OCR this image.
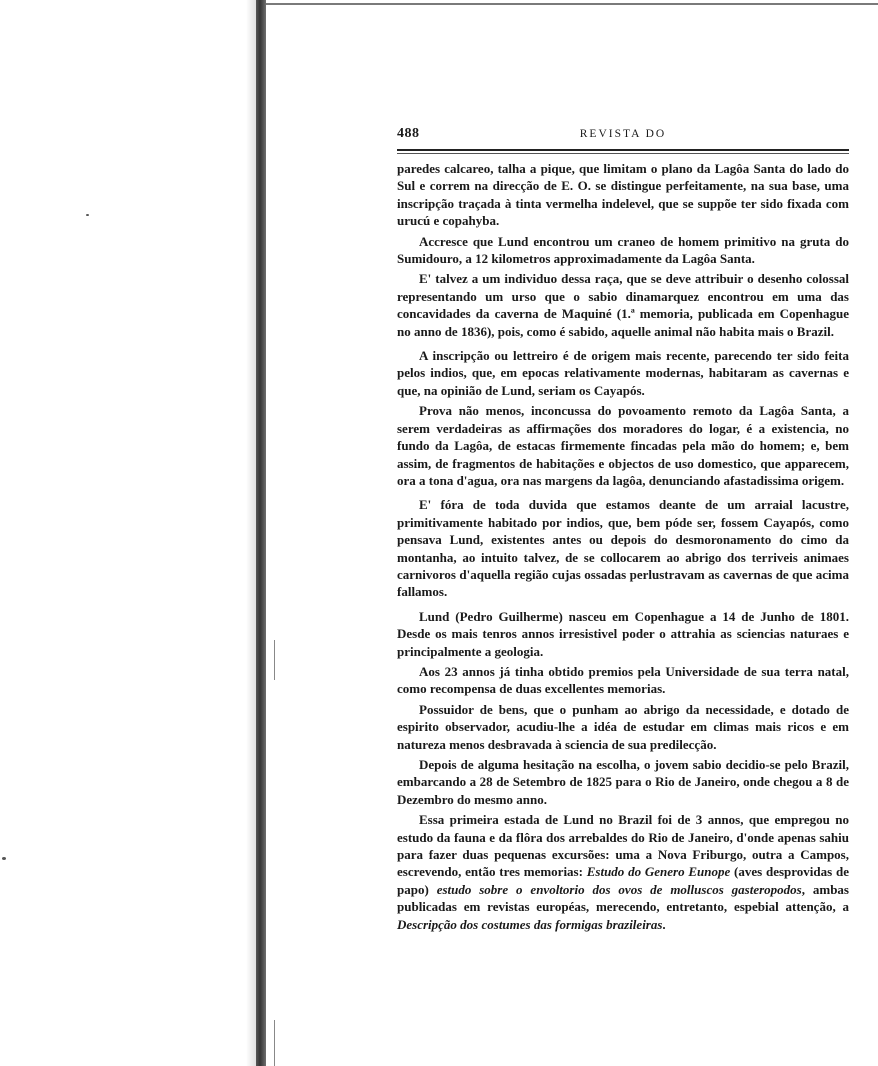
488	REVISTA DO

paredes calcareo, talha a pique, que limitam o plano da Lagôa Santa do lado do Sul e correm na direcção de E. O. se distingue perfeitamente, na sua base, uma inscripção traçada à tinta vermelha indelevel, que se suppõe ter sido fixada com urucú e copahyba.

Accresce que Lund encontrou um craneo de homem primitivo na gruta do Sumidouro, a 12 kilometros approximadamente da Lagôa Santa.

E' talvez a um individuo dessa raça, que se deve attribuir o desenho colossal representando um urso que o sabio dinamarquez encontrou em uma das concavidades da caverna de Maquiné (1.ª memoria, publicada em Copenhague no anno de 1836), pois, como é sabido, aquelle animal não habita mais o Brazil.

A inscripção ou lettreiro é de origem mais recente, parecendo ter sido feita pelos indios, que, em epocas relativamente modernas, habitaram as cavernas e que, na opinião de Lund, seriam os Cayapós.

Prova não menos, inconcussa do povoamento remoto da Lagôa Santa, a serem verdadeiras as affirmações dos moradores do logar, é a existencia, no fundo da Lagôa, de estacas firmemente fincadas pela mão do homem; e, bem assim, de fragmentos de habitações e objectos de uso domestico, que apparecem, ora a tona d'agua, ora nas margens da lagôa, denunciando afastadissima origem.

E' fóra de toda duvida que estamos deante de um arraial lacustre, primitivamente habitado por indios, que, bem póde ser, fossem Cayapós, como pensava Lund, existentes antes ou depois do desmoronamento do cimo da montanha, ao intuito talvez, de se collocarem ao abrigo dos terriveis animaes carnivoros d'aquella região cujas ossadas perlustravam as cavernas de que acima fallamos.

Lund (Pedro Guilherme) nasceu em Copenhague a 14 de Junho de 1801. Desde os mais tenros annos irresistivel poder o attrahia as sciencias naturaes e principalmente a geologia.

Aos 23 annos já tinha obtido premios pela Universidade de sua terra natal, como recompensa de duas excellentes memorias.

Possuidor de bens, que o punham ao abrigo da necessidade, e dotado de espirito observador, acudiu-lhe a idéa de estudar em climas mais ricos e em natureza menos desbravada à sciencia de sua predilecção.

Depois de alguma hesitação na escolha, o jovem sabio decidio-se pelo Brazil, embarcando a 28 de Setembro de 1825 para o Rio de Janeiro, onde chegou a 8 de Dezembro do mesmo anno.

Essa primeira estada de Lund no Brazil foi de 3 annos, que empregou no estudo da fauna e da flôra dos arrebaldes do Rio de Janeiro, d'onde apenas sahiu para fazer duas pequenas excursões: uma a Nova Friburgo, outra a Campos, escrevendo, então tres memorias: Estudo do Genero Eunope (aves desprovidas de papo) estudo sobre o envoltorio dos ovos de molluscos gasteropodos, ambas publicadas em revistas européas, merecendo, entretanto, espebial attenção, a Descripção dos costumes das formigas brazileiras.
